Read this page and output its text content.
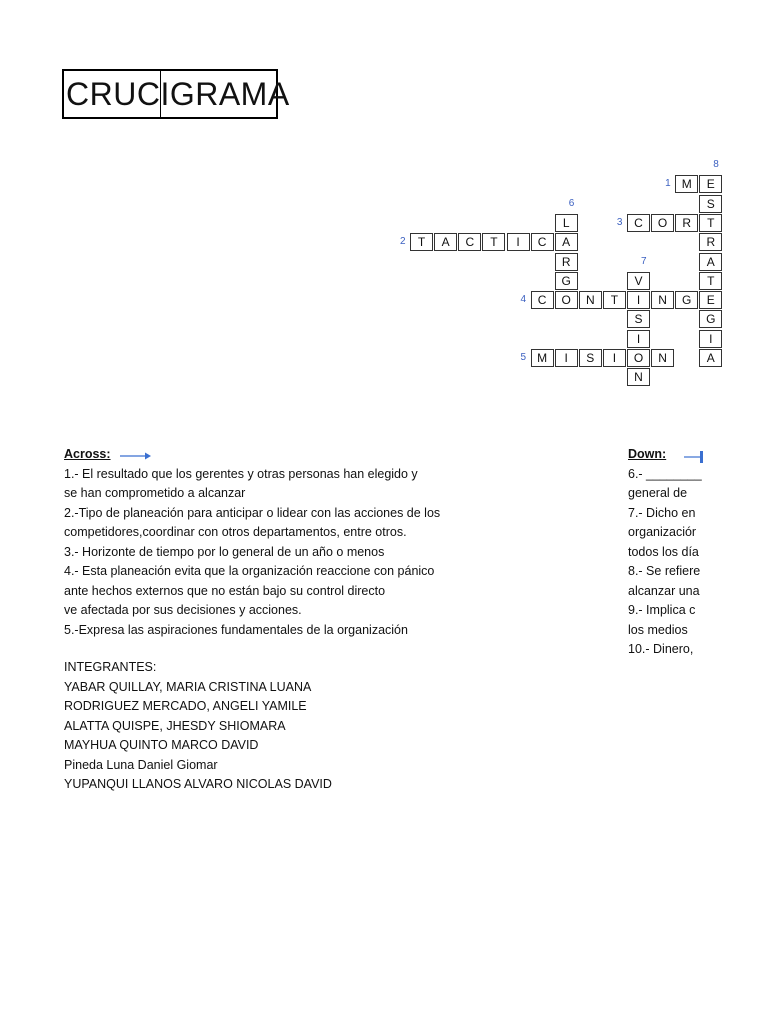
CRUCIGRAMA
M	E
S
L	C	O	R	T
T	A	C	T	I	C	A	R
R	A
G	V	T
C	O	N	T	I	N	G	E
S	G
I	I
M	I	S	I	O	N	A
N
1
2
3
4
5
6
7
8
Across:
1.- El resultado que los gerentes y otras personas han elegido y
se han comprometido a alcanzar
2.-Tipo de planeación para anticipar o lidear con las acciones de los
competidores,coordinar con otros departamentos, entre otros.
3.- Horizonte de tiempo por lo general de un año o menos
4.- Esta planeación evita que la organización reaccione con pánico
ante hechos externos que no están bajo su control directo
ve afectada por sus decisiones y acciones.
5.-Expresa las aspiraciones fundamentales de la organización
Down:
6.- ________
general de
7.- Dicho en
organizaciór
todos los día
8.- Se refiere
alcanzar una
9.- Implica c
los medios
10.- Dinero,
INTEGRANTES:
YABAR QUILLAY, MARIA CRISTINA LUANA
RODRIGUEZ MERCADO, ANGELI YAMILE
ALATTA QUISPE, JHESDY SHIOMARA
MAYHUA QUINTO MARCO DAVID
Pineda Luna Daniel Giomar
YUPANQUI LLANOS ALVARO NICOLAS DAVID
